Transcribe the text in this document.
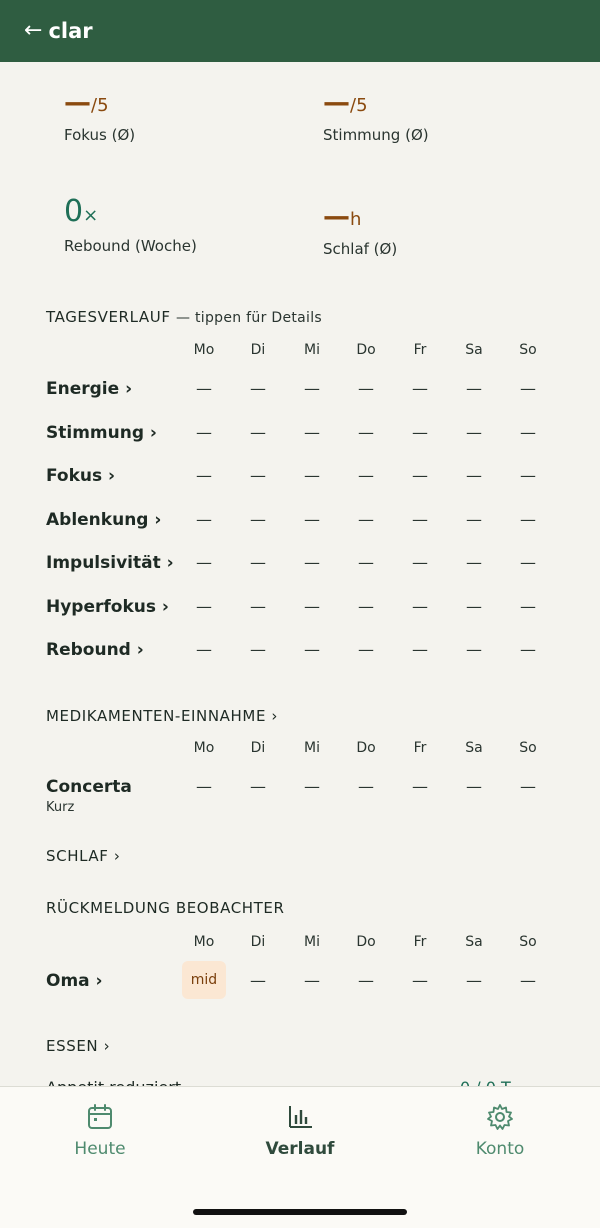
← clar
—/5
Fokus (Ø)
—/5
Stimmung (Ø)
0×
Rebound (Woche)
—h
Schlaf (Ø)
TAGESVERLAUF — tippen für Details
Mo	Di	Mi	Do	Fr	Sa	So
Energie ›	—	—	—	—	—	—	—
Stimmung ›	—	—	—	—	—	—	—
Fokus ›	—	—	—	—	—	—	—
Ablenkung ›	—	—	—	—	—	—	—
Impulsivität ›	—	—	—	—	—	—	—
Hyperfokus ›	—	—	—	—	—	—	—
Rebound ›	—	—	—	—	—	—	—
MEDIKAMENTEN-EINNAHME ›
Mo	Di	Mi	Do	Fr	Sa	So
Concerta
Kurz
—	—	—	—	—	—	—
SCHLAF ›
RÜCKMELDUNG BEOBACHTER
Mo	Di	Mi	Do	Fr	Sa	So
Oma ›	mid	—	—	—	—	—	—
ESSEN ›
Heute	Verlauf	Konto
